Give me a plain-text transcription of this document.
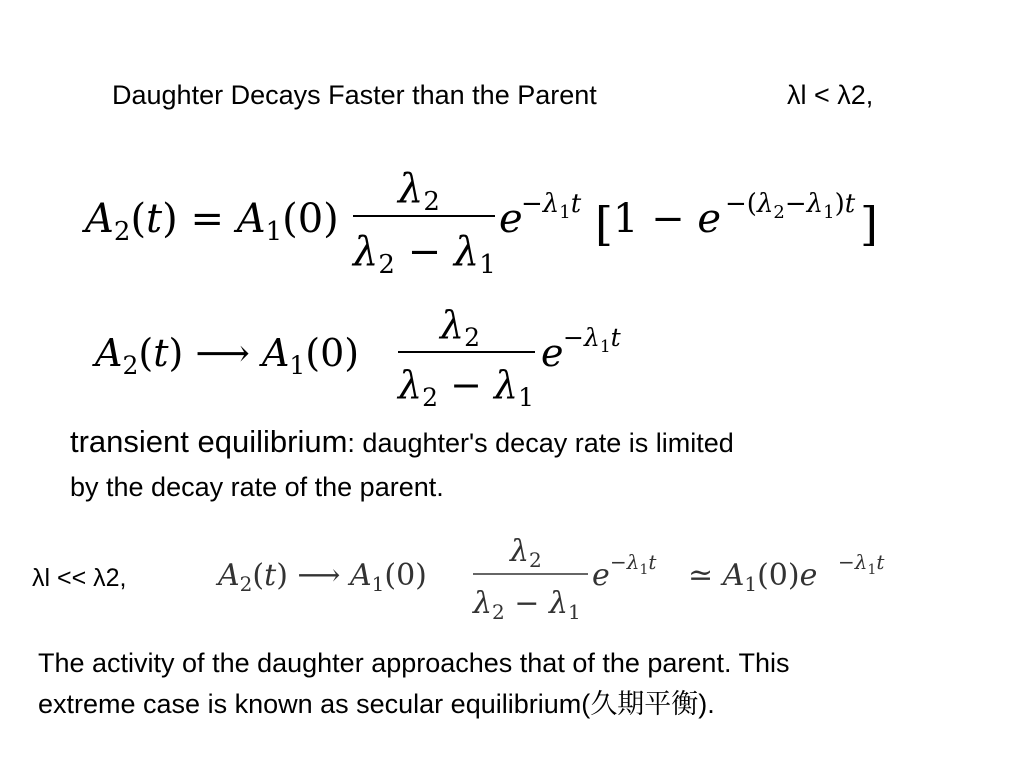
Daughter Decays Faster than the Parent	λl < λ2,
$A_2(t) = A_1(0)$
$\lambda_2$
$\lambda_2 - \lambda_1$
e
$-\lambda_1t$ [ $1 - e -(\lambda_2-\lambda_1)t$ ]
$A_2(t)$ ⟶ $A_1(0)$
$\lambda_2$
$\lambda_2 - \lambda_1$
$e -\lambda_1t$
transient equilibrium: daughter's decay rate is limited
by the decay rate of the parent.
λl << λ2,	$A_2(t)$ ⟶ $A_1(0)$
$\lambda_2$
$\lambda_2 - \lambda_1$
$e -\lambda_1t$ ≃ $A_1(0)e -\lambda_1t$
The activity of the daughter approaches that of the parent. This
extreme case is known as secular equilibrium(久期平衡).
